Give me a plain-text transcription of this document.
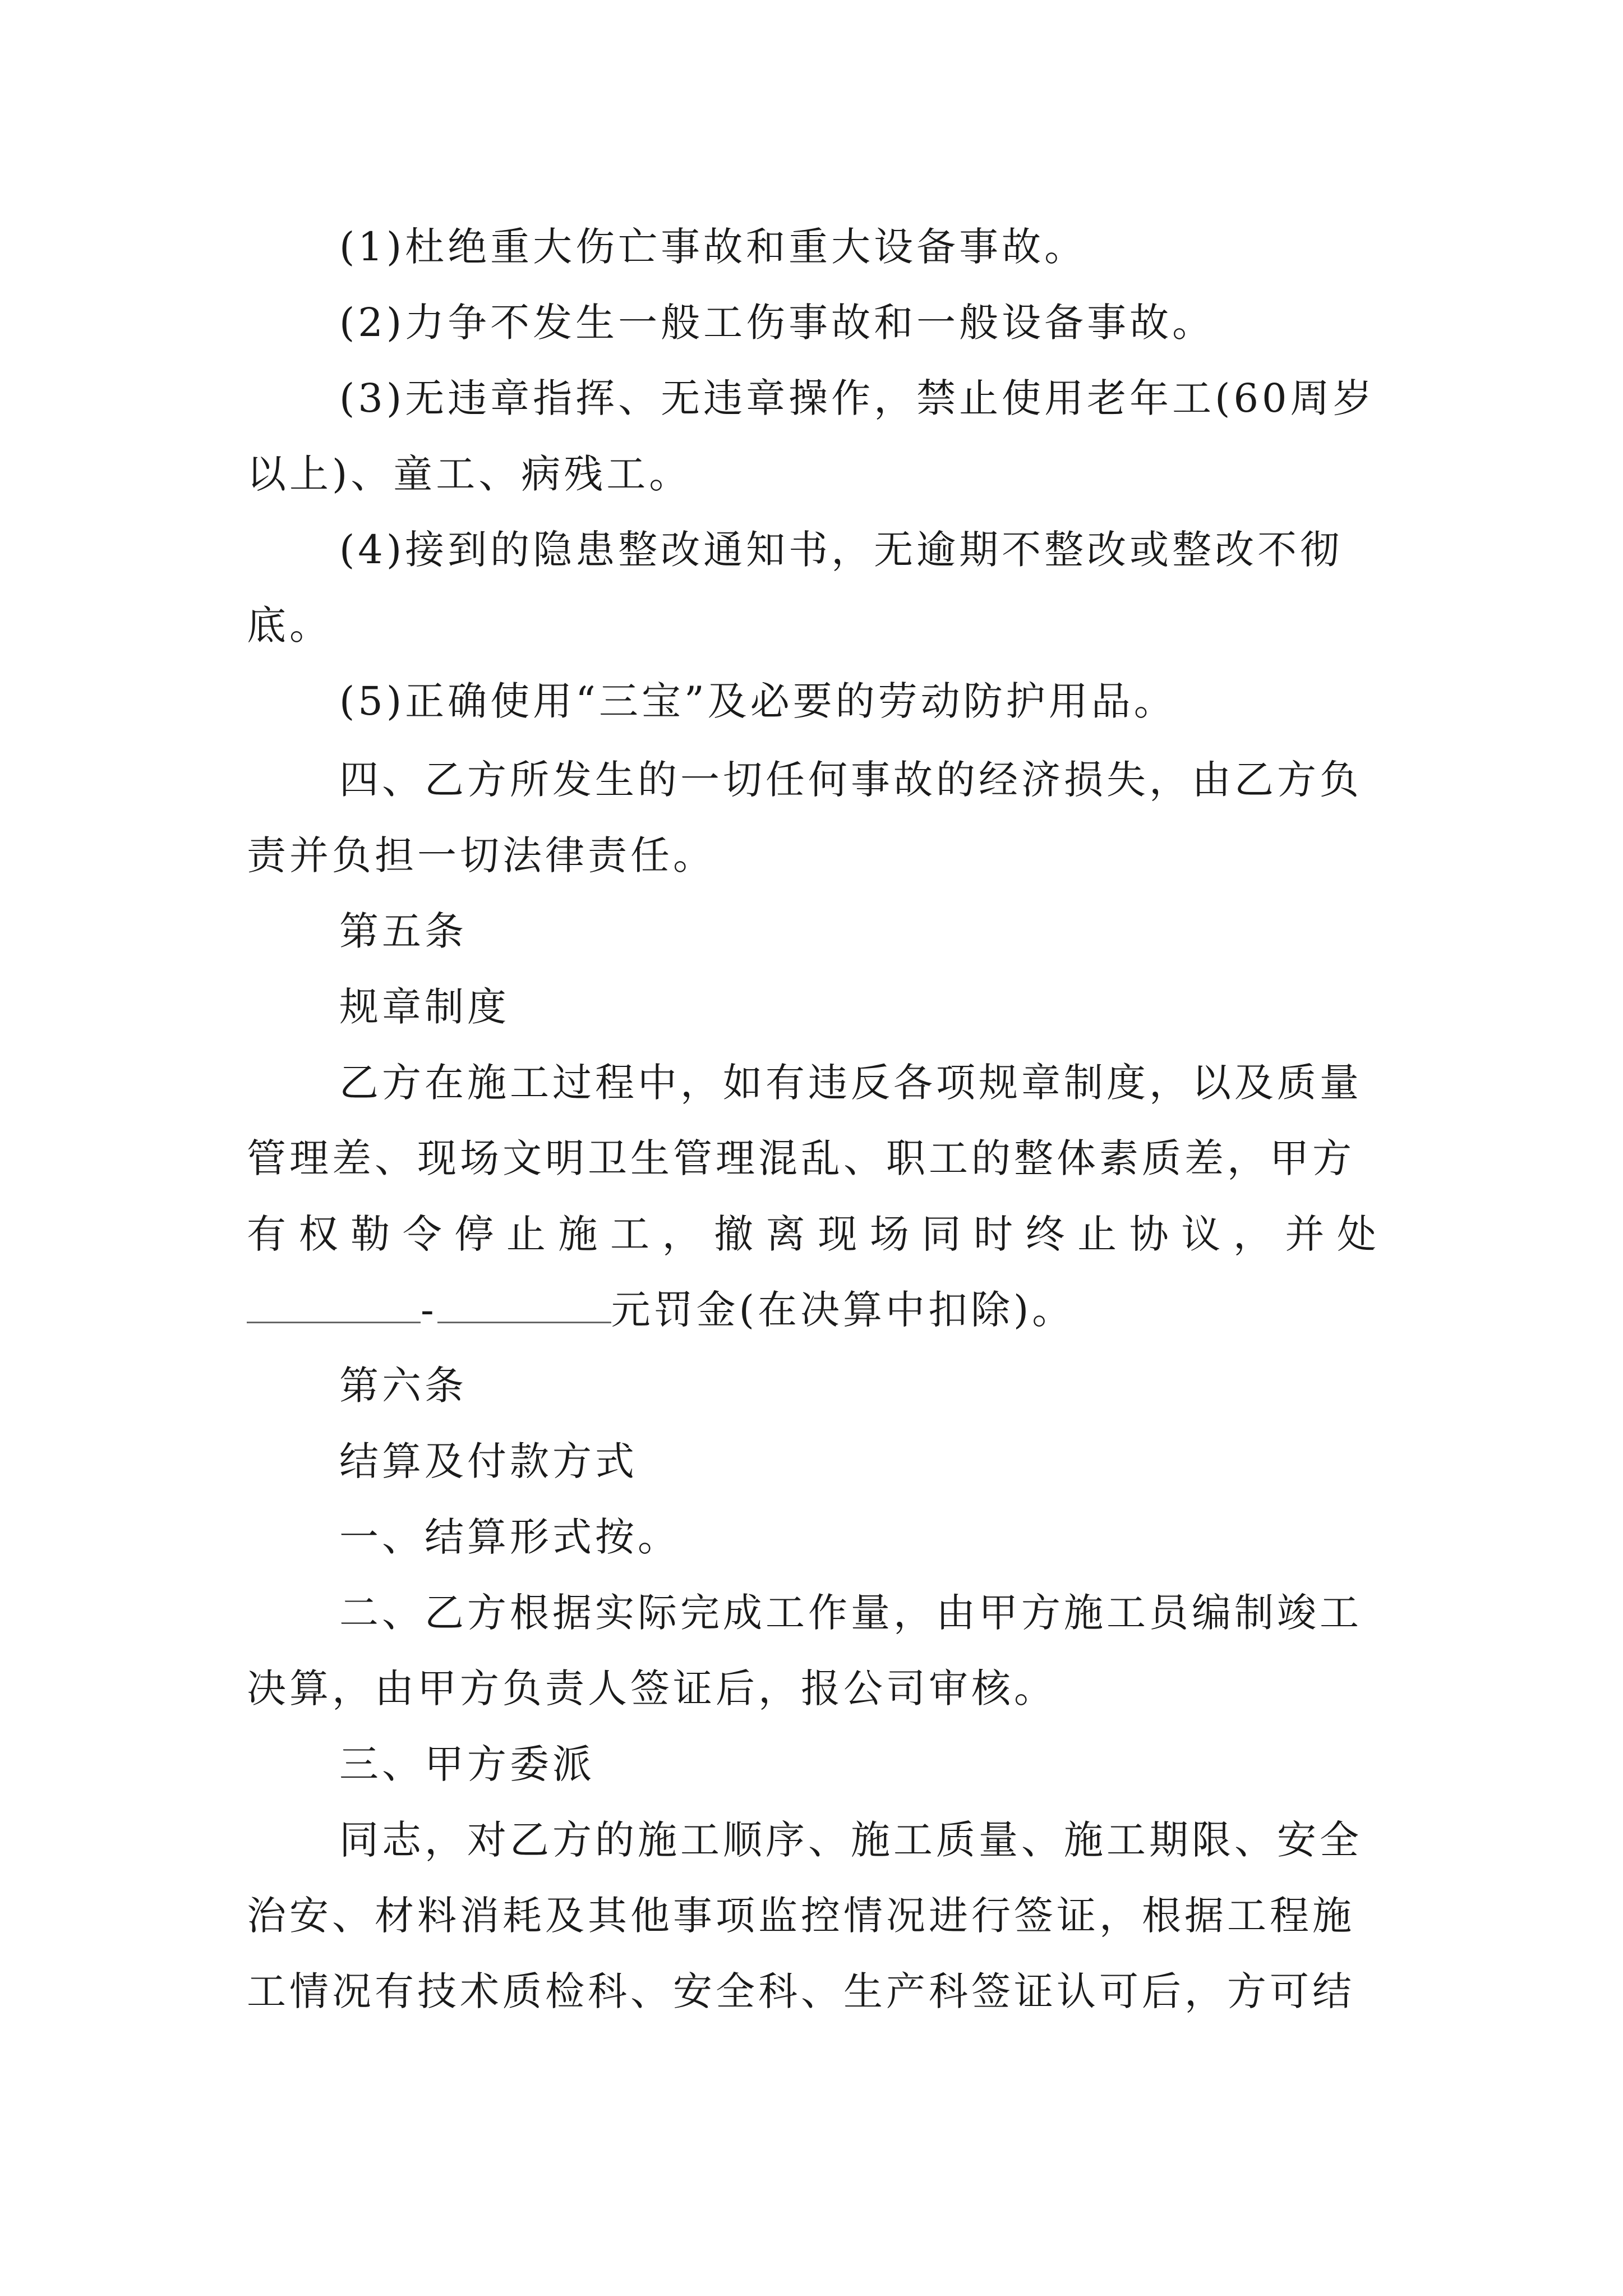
(1)杜绝重大伤亡事故和重大设备事故。
(2)力争不发生一般工伤事故和一般设备事故。
(3)无违章指挥、无违章操作，禁止使用老年工(60周岁
以上)、童工、病残工。
(4)接到的隐患整改通知书，无逾期不整改或整改不彻
底。
(5)正确使用“三宝”及必要的劳动防护用品。
四、乙方所发生的一切任何事故的经济损失，由乙方负
责并负担一切法律责任。
第五条
规章制度
乙方在施工过程中，如有违反各项规章制度，以及质量
管理差、现场文明卫生管理混乱、职工的整体素质差，甲方
有权勒令停止施工，撤离现场同时终止协议，并处
-	元罚金(在决算中扣除)。
第六条
结算及付款方式
一、结算形式按。
二、乙方根据实际完成工作量，由甲方施工员编制竣工
决算，由甲方负责人签证后，报公司审核。
三、甲方委派
同志，对乙方的施工顺序、施工质量、施工期限、安全
治安、材料消耗及其他事项监控情况进行签证，根据工程施
工情况有技术质检科、安全科、生产科签证认可后，方可结
